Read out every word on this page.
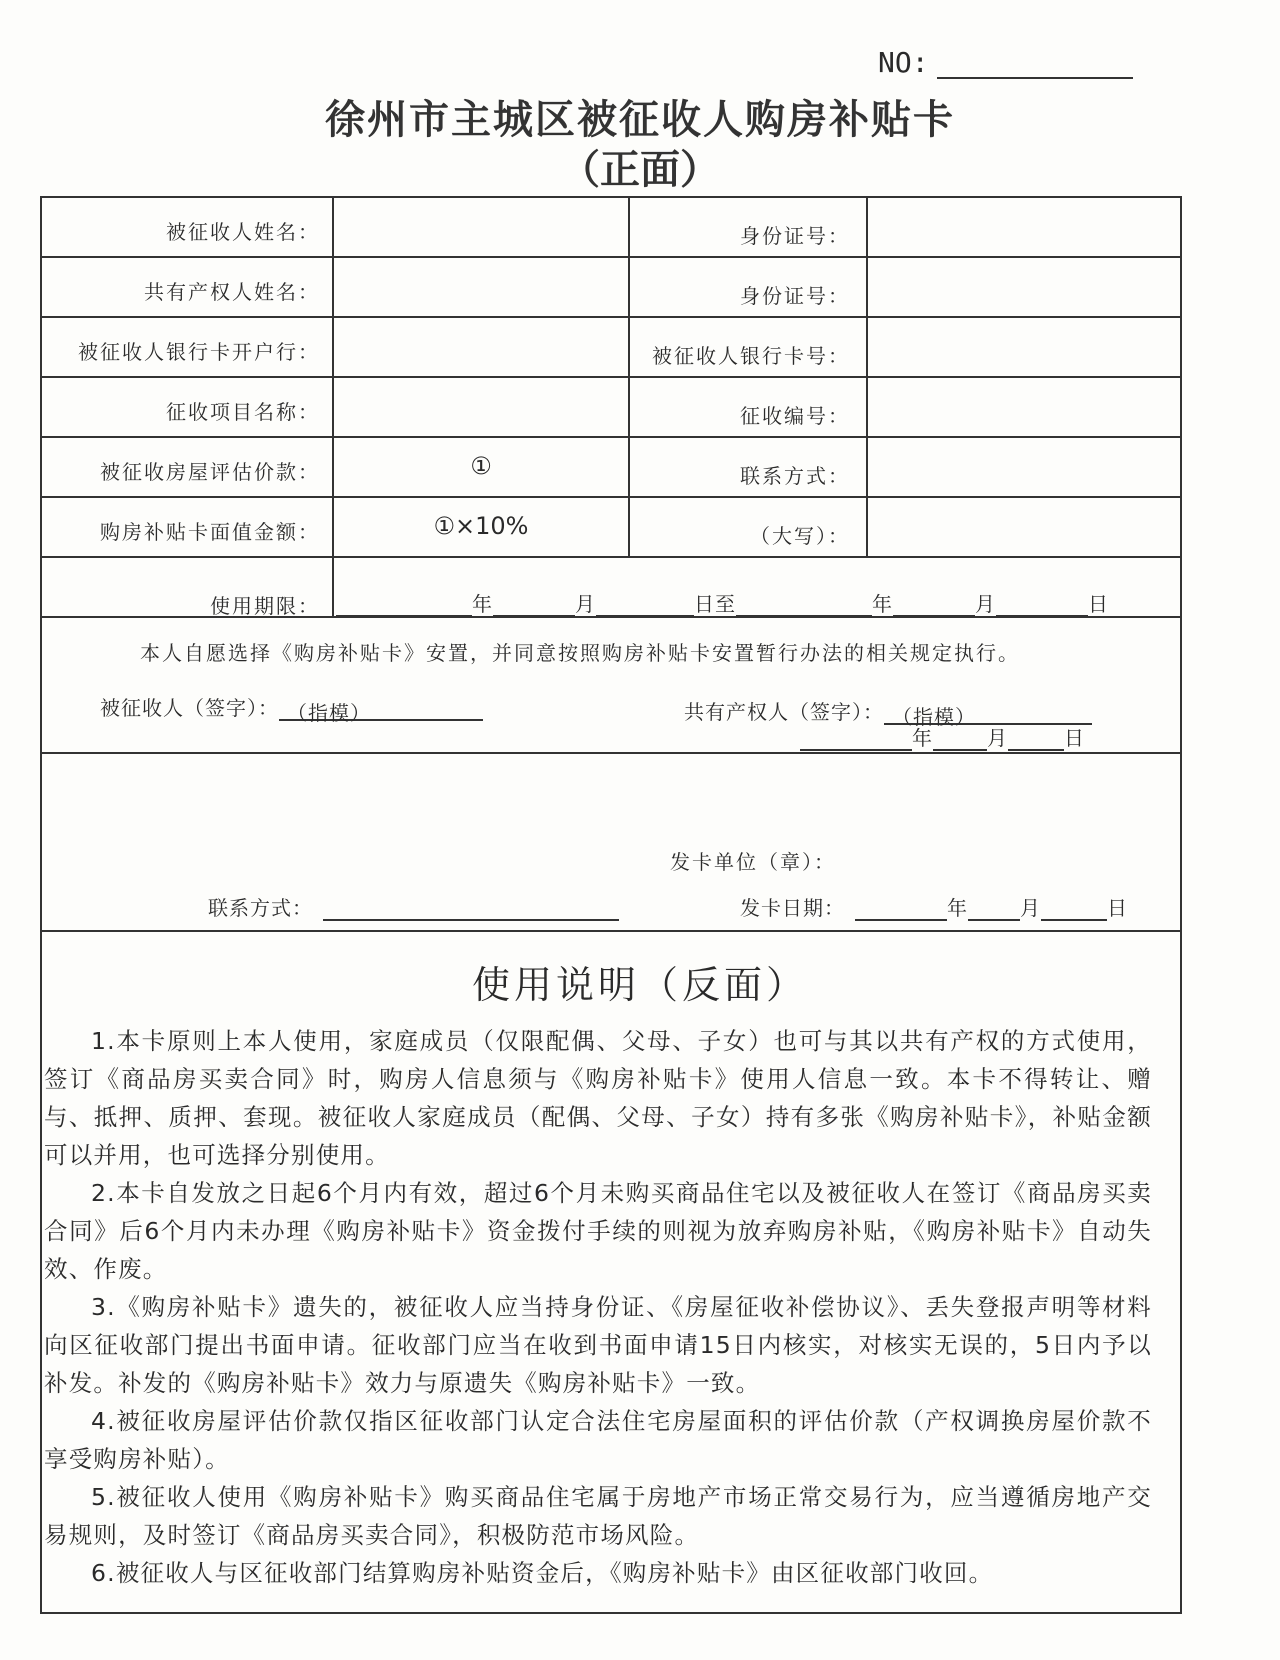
NO:
徐州市主城区被征收人购房补贴卡
（正面）
被征收人姓名：	身份证号：
共有产权人姓名：	身份证号：
被征收人银行卡开户行：	被征收人银行卡号：
征收项目名称：	征收编号：
被征收房屋评估价款：	①	联系方式：
购房补贴卡面值金额：	①×10%	（大写）：
使用期限：	年	月	日至	年	月	日
本人自愿选择《购房补贴卡》安置，并同意按照购房补贴卡安置暂行办法的相关规定执行。
被征收人（签字）： （指模）	共有产权人（签字）： （指模）
年	月	日
发卡单位（章）：
联系方式：	发卡日期：	年	月	日
使用说明（反面）

1.本卡原则上本人使用，家庭成员（仅限配偶、父母、子女）也可与其以共有产权的方式使用，签订《商品房买卖合同》时，购房人信息须与《购房补贴卡》使用人信息一致。本卡不得转让、赠与、抵押、质押、套现。被征收人家庭成员（配偶、父母、子女）持有多张《购房补贴卡》，补贴金额可以并用，也可选择分别使用。

2.本卡自发放之日起6个月内有效，超过6个月未购买商品住宅以及被征收人在签订《商品房买卖合同》后6个月内未办理《购房补贴卡》资金拨付手续的则视为放弃购房补贴，《购房补贴卡》自动失效、作废。

3.《购房补贴卡》遗失的，被征收人应当持身份证、《房屋征收补偿协议》、丢失登报声明等材料向区征收部门提出书面申请。征收部门应当在收到书面申请15日内核实，对核实无误的，5日内予以补发。补发的《购房补贴卡》效力与原遗失《购房补贴卡》一致。

4.被征收房屋评估价款仅指区征收部门认定合法住宅房屋面积的评估价款（产权调换房屋价款不享受购房补贴）。

5.被征收人使用《购房补贴卡》购买商品住宅属于房地产市场正常交易行为，应当遵循房地产交易规则，及时签订《商品房买卖合同》，积极防范市场风险。

6.被征收人与区征收部门结算购房补贴资金后，《购房补贴卡》由区征收部门收回。
